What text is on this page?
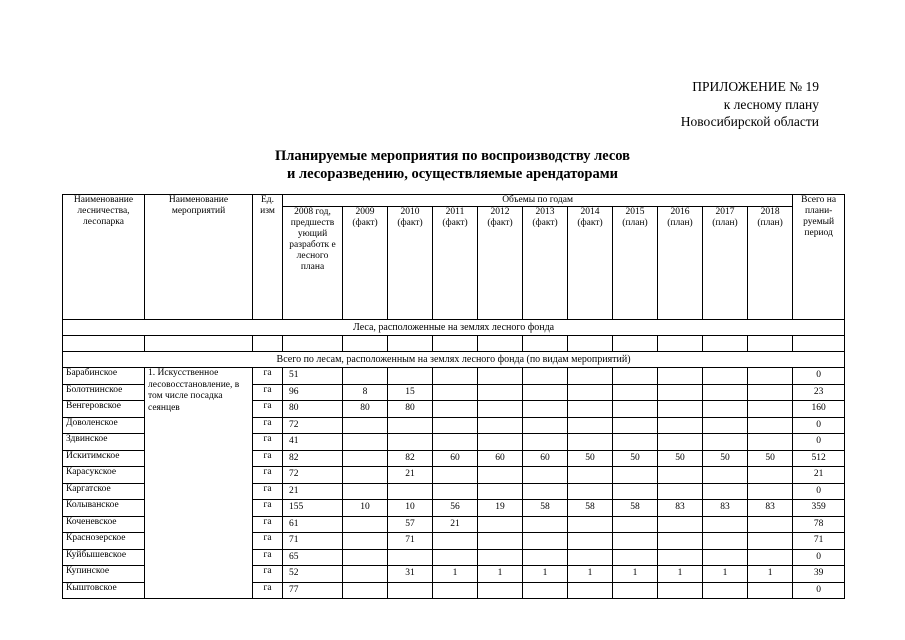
ПРИЛОЖЕНИЕ № 19
к лесному плану
Новосибирской области
Планируемые мероприятия по воспроизводству лесов
и лесоразведению, осуществляемые арендаторами
Наименование лесничества, лесопарка	Наименование мероприятий	Ед. изм	Объемы по годам											Всего на плани-руемый период
			2008 год, предшеств ующий разработк е лесного плана	2009 (факт)	2010 (факт)	2011 (факт)	2012 (факт)	2013 (факт)	2014 (факт)	2015 (план)	2016 (план)	2017 (план)	2018 (план)	
Леса, расположенные на землях лесного фонда														

Всего по лесам, расположенным на землях лесного фонда (по видам мероприятий)														
Барабинское	1. Искусственное лесовосстановление, в том числе посадка сеянцев	га	51											0
Болотнинское		га	96	8	15									23
Венгеровское		га	80	80	80									160
Доволенское		га	72											0
Здвинское		га	41											0
Искитимское		га	82		82	60	60	60	50	50	50	50	50	512
Карасукское		га	72		21									21
Каргатское		га	21											0
Колыванское		га	155	10	10	56	19	58	58	58	83	83	83	359
Коченевское		га	61		57	21								78
Краснозерское		га	71		71									71
Куйбышевское		га	65											0
Купинское		га	52		31	1	1	1	1	1	1	1	1	39
Кыштовское		га	77											0
